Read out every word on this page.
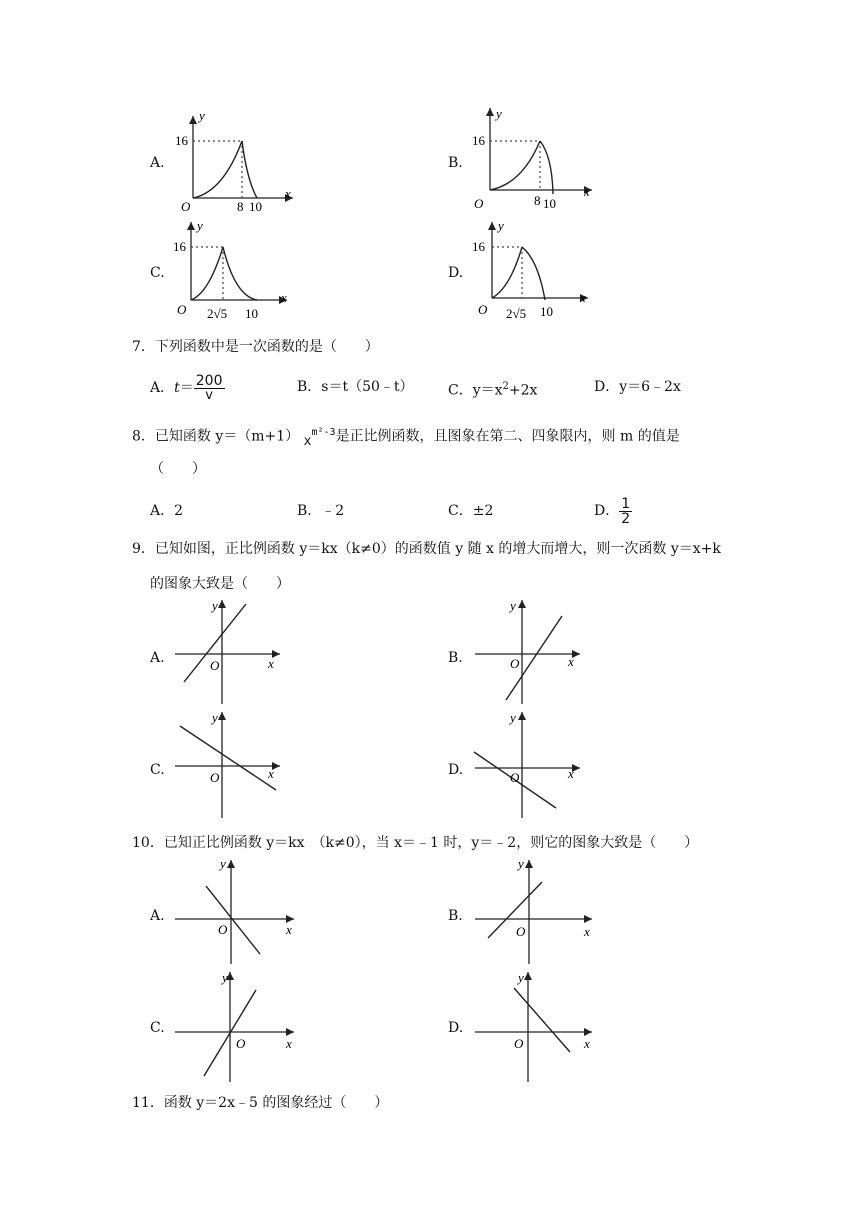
A.
y
16
O	8 10
x
B.
y
16
O	8 10
x
C.
y
16
O 2√5 10
x
D.
y
16
O 2√5 10
x
7．下列函数中是一次函数的是（　　）
A． $t = \frac{200}{v}$	B．s＝t（50﹣t） C．$y=x^2+2x$	D．y＝6﹣2x
8．已知函数 y＝（m+1） $x^{m^2-3}$是正比例函数，且图象在第二、四象限内，则 m 的值是
（　　）
A．2	B．﹣2	C．±2	D． $\frac{1}{2}$
9．已知如图，正比例函数 y＝kx（k≠0）的函数值 y 随 x 的增大而增大，则一次函数 y＝x+k
的图象大致是（　　）
A.
y
O	x	B.
y
O	x
C.
y
O	x	D.
y
O	x
10．已知正比例函数 y＝kx　（k≠0），当 x＝﹣1 时，y＝﹣2，则它的图象大致是（　　）
A.
y
O	x
B.
y
O	x
C.
y
O	x
D.
y
O	x
11．函数 y＝2x﹣5 的图象经过（　　）
